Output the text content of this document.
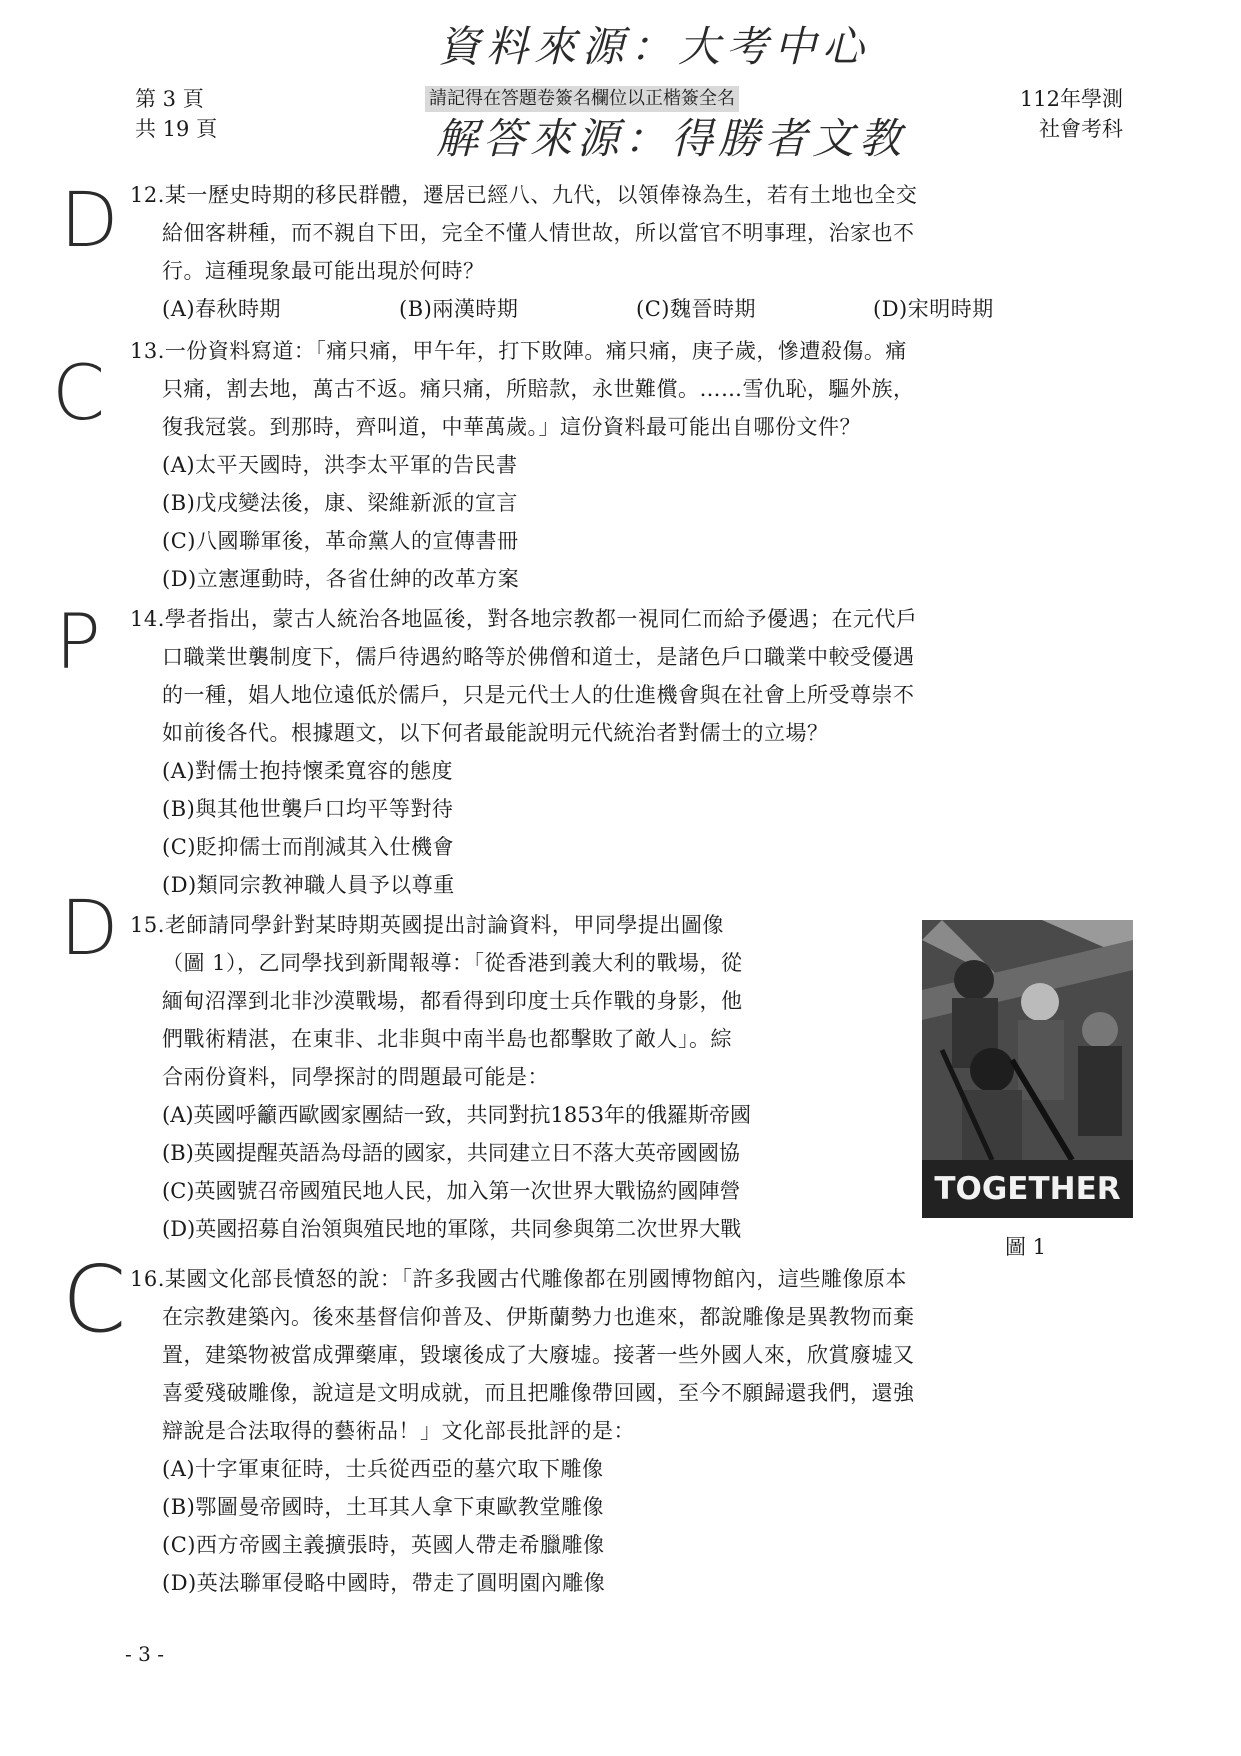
資料來源：大考中心
第 3 頁
共 19 頁
請記得在答題卷簽名欄位以正楷簽全名
解答來源：得勝者文教
112年學測
社會考科
D
C
P
D
C
12.某一歷史時期的移民群體，遷居已經八、九代，以領俸祿為生，若有土地也全交
給佃客耕種，而不親自下田，完全不懂人情世故，所以當官不明事理，治家也不
行。這種現象最可能出現於何時？
(A)春秋時期	(B)兩漢時期	(C)魏晉時期	(D)宋明時期
13.一份資料寫道：「痛只痛，甲午年，打下敗陣。痛只痛，庚子歲，慘遭殺傷。痛
只痛，割去地，萬古不返。痛只痛，所賠款，永世難償。……雪仇恥，驅外族，
復我冠裳。到那時，齊叫道，中華萬歲。」這份資料最可能出自哪份文件？
(A)太平天國時，洪李太平軍的告民書
(B)戊戌變法後，康、梁維新派的宣言
(C)八國聯軍後，革命黨人的宣傳書冊
(D)立憲運動時，各省仕紳的改革方案
14.學者指出，蒙古人統治各地區後，對各地宗教都一視同仁而給予優遇；在元代戶
口職業世襲制度下，儒戶待遇約略等於佛僧和道士，是諸色戶口職業中較受優遇
的一種，娼人地位遠低於儒戶，只是元代士人的仕進機會與在社會上所受尊崇不
如前後各代。根據題文，以下何者最能說明元代統治者對儒士的立場？
(A)對儒士抱持懷柔寬容的態度
(B)與其他世襲戶口均平等對待
(C)貶抑儒士而削減其入仕機會
(D)類同宗教神職人員予以尊重
15.老師請同學針對某時期英國提出討論資料，甲同學提出圖像
（圖 1），乙同學找到新聞報導：「從香港到義大利的戰場，從
緬甸沼澤到北非沙漠戰場，都看得到印度士兵作戰的身影，他
們戰術精湛，在東非、北非與中南半島也都擊敗了敵人」。綜
合兩份資料，同學探討的問題最可能是：
(A)英國呼籲西歐國家團結一致，共同對抗1853年的俄羅斯帝國
(B)英國提醒英語為母語的國家，共同建立日不落大英帝國國協
(C)英國號召帝國殖民地人民，加入第一次世界大戰協約國陣營
(D)英國招募自治領與殖民地的軍隊，共同參與第二次世界大戰
TOGETHER
圖 1
16.某國文化部長憤怒的說：「許多我國古代雕像都在別國博物館內，這些雕像原本
在宗教建築內。後來基督信仰普及、伊斯蘭勢力也進來，都說雕像是異教物而棄
置，建築物被當成彈藥庫，毀壞後成了大廢墟。接著一些外國人來，欣賞廢墟又
喜愛殘破雕像，說這是文明成就，而且把雕像帶回國，至今不願歸還我們，還強
辯說是合法取得的藝術品！」文化部長批評的是：
(A)十字軍東征時，士兵從西亞的墓穴取下雕像
(B)鄂圖曼帝國時，土耳其人拿下東歐教堂雕像
(C)西方帝國主義擴張時，英國人帶走希臘雕像
(D)英法聯軍侵略中國時，帶走了圓明園內雕像
- 3 -
